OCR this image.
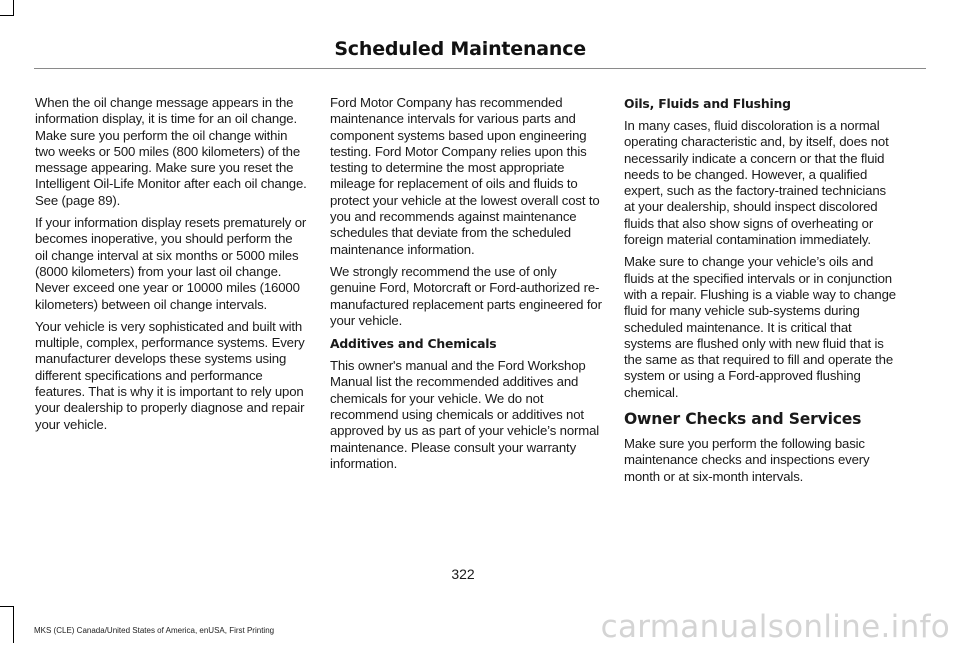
Scheduled Maintenance

When the oil change message appears in the information display, it is time for an oil change. Make sure you perform the oil change within two weeks or 500 miles (800 kilometers) of the message appearing. Make sure you reset the Intelligent Oil-Life Monitor after each oil change. See (page 89).

If your information display resets prematurely or becomes inoperative, you should perform the oil change interval at six months or 5000 miles (8000 kilometers) from your last oil change. Never exceed one year or 10000 miles (16000 kilometers) between oil change intervals.

Your vehicle is very sophisticated and built with multiple, complex, performance systems. Every manufacturer develops these systems using different specifications and performance features. That is why it is important to rely upon your dealership to properly diagnose and repair your vehicle.

Ford Motor Company has recommended maintenance intervals for various parts and component systems based upon engineering testing. Ford Motor Company relies upon this testing to determine the most appropriate mileage for replacement of oils and fluids to protect your vehicle at the lowest overall cost to you and recommends against maintenance schedules that deviate from the scheduled maintenance information.

We strongly recommend the use of only genuine Ford, Motorcraft or Ford-authorized re-manufactured replacement parts engineered for your vehicle.

Additives and Chemicals

This owner's manual and the Ford Workshop Manual list the recommended additives and chemicals for your vehicle. We do not recommend using chemicals or additives not approved by us as part of your vehicle’s normal maintenance. Please consult your warranty information.

Oils, Fluids and Flushing

In many cases, fluid discoloration is a normal operating characteristic and, by itself, does not necessarily indicate a concern or that the fluid needs to be changed. However, a qualified expert, such as the factory-trained technicians at your dealership, should inspect discolored fluids that also show signs of overheating or foreign material contamination immediately.

Make sure to change your vehicle’s oils and fluids at the specified intervals or in conjunction with a repair. Flushing is a viable way to change fluid for many vehicle sub-systems during scheduled maintenance. It is critical that systems are flushed only with new fluid that is the same as that required to fill and operate the system or using a Ford-approved flushing chemical.

Owner Checks and Services

Make sure you perform the following basic maintenance checks and inspections every month or at six-month intervals.

322
MKS (CLE) Canada/United States of America, enUSA, First Printing	carmanualsonline.info
